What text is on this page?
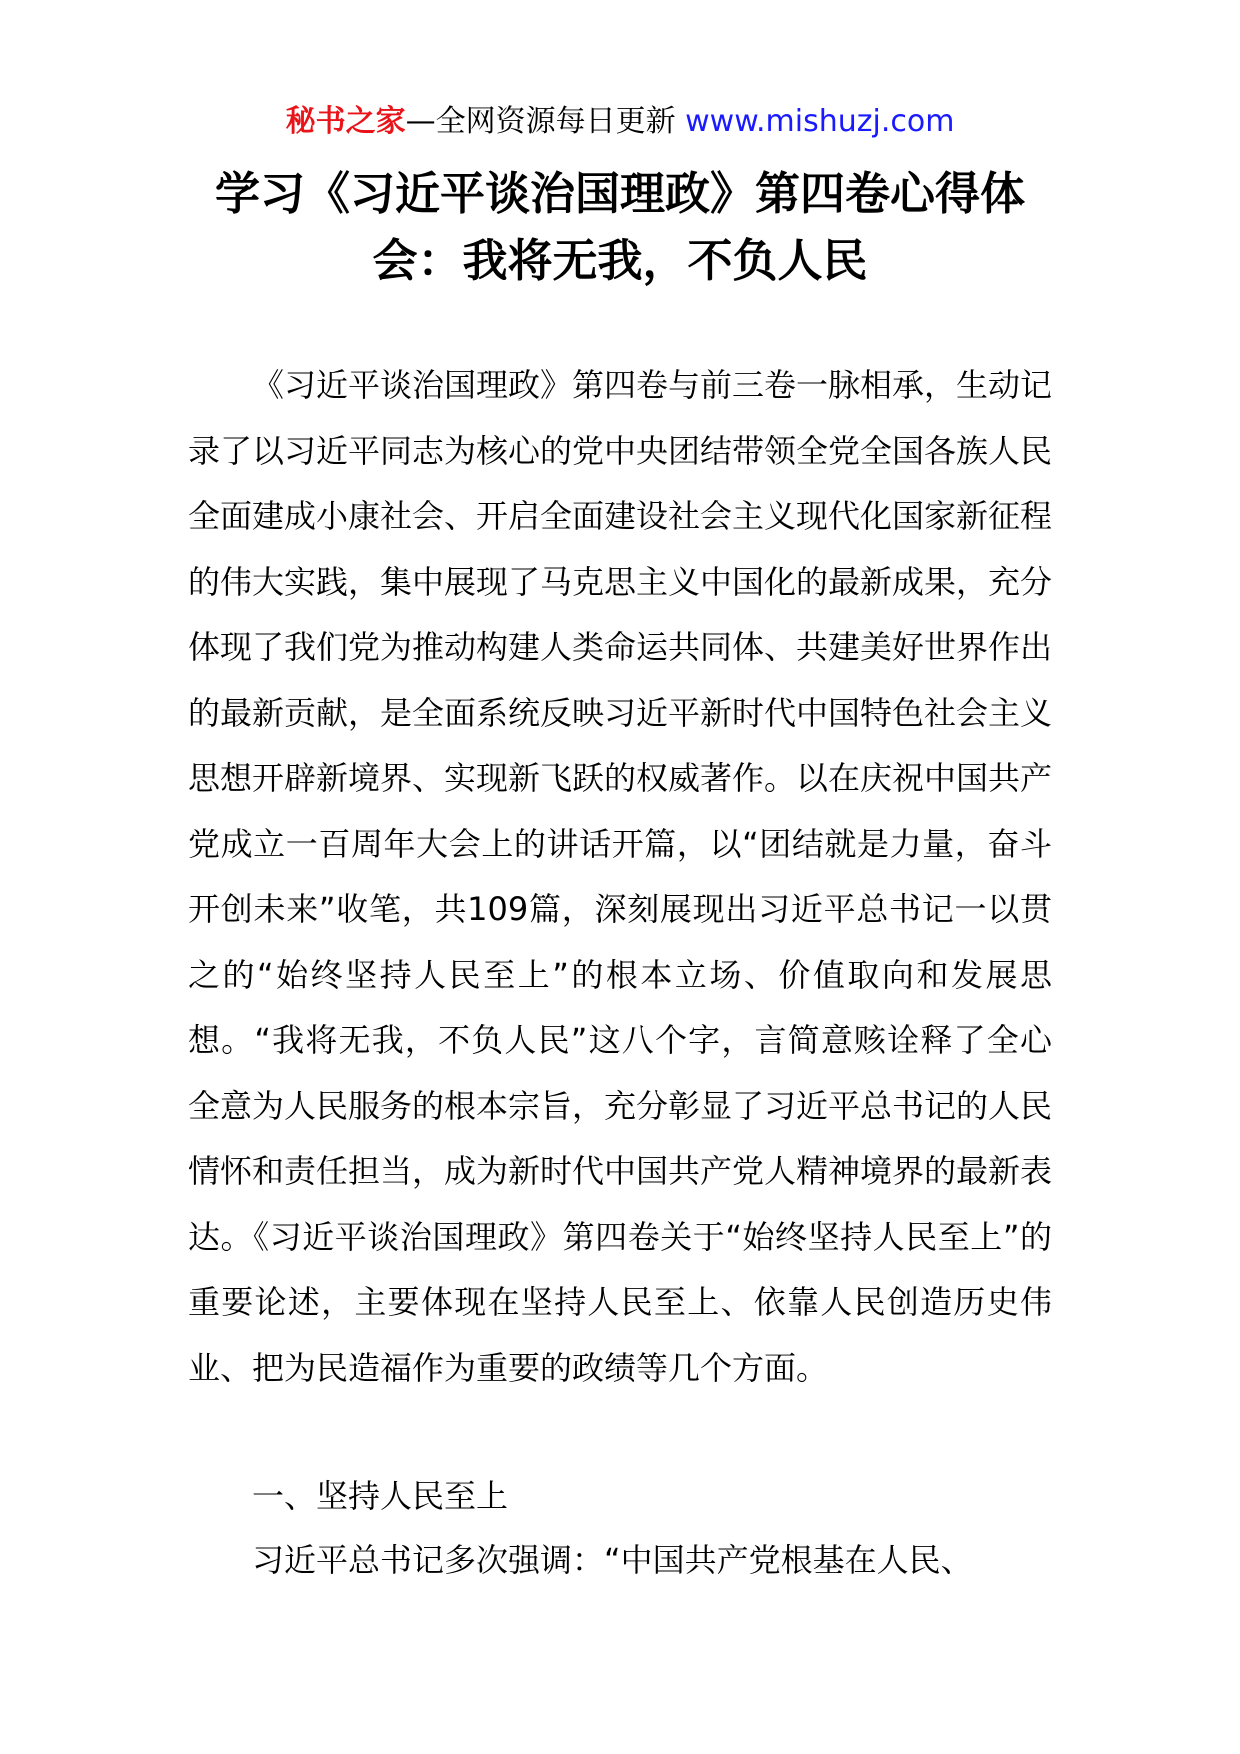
秘书之家—全网资源每日更新 www.mishuzj.com
学习《习近平谈治国理政》第四卷心得体会：我将无我，不负人民

《习近平谈治国理政》第四卷与前三卷一脉相承，生动记录了以习近平同志为核心的党中央团结带领全党全国各族人民全面建成小康社会、开启全面建设社会主义现代化国家新征程的伟大实践，集中展现了马克思主义中国化的最新成果，充分体现了我们党为推动构建人类命运共同体、共建美好世界作出的最新贡献，是全面系统反映习近平新时代中国特色社会主义思想开辟新境界、实现新飞跃的权威著作。以在庆祝中国共产党成立一百周年大会上的讲话开篇，以“团结就是力量，奋斗开创未来”收笔，共109篇，深刻展现出习近平总书记一以贯之的“始终坚持人民至上”的根本立场、价值取向和发展思想。“我将无我，不负人民”这八个字，言简意赅诠释了全心全意为人民服务的根本宗旨，充分彰显了习近平总书记的人民情怀和责任担当，成为新时代中国共产党人精神境界的最新表达。《习近平谈治国理政》第四卷关于“始终坚持人民至上”的重要论述，主要体现在坚持人民至上、依靠人民创造历史伟业、把为民造福作为重要的政绩等几个方面。

一、坚持人民至上
习近平总书记多次强调：“中国共产党根基在人民、
